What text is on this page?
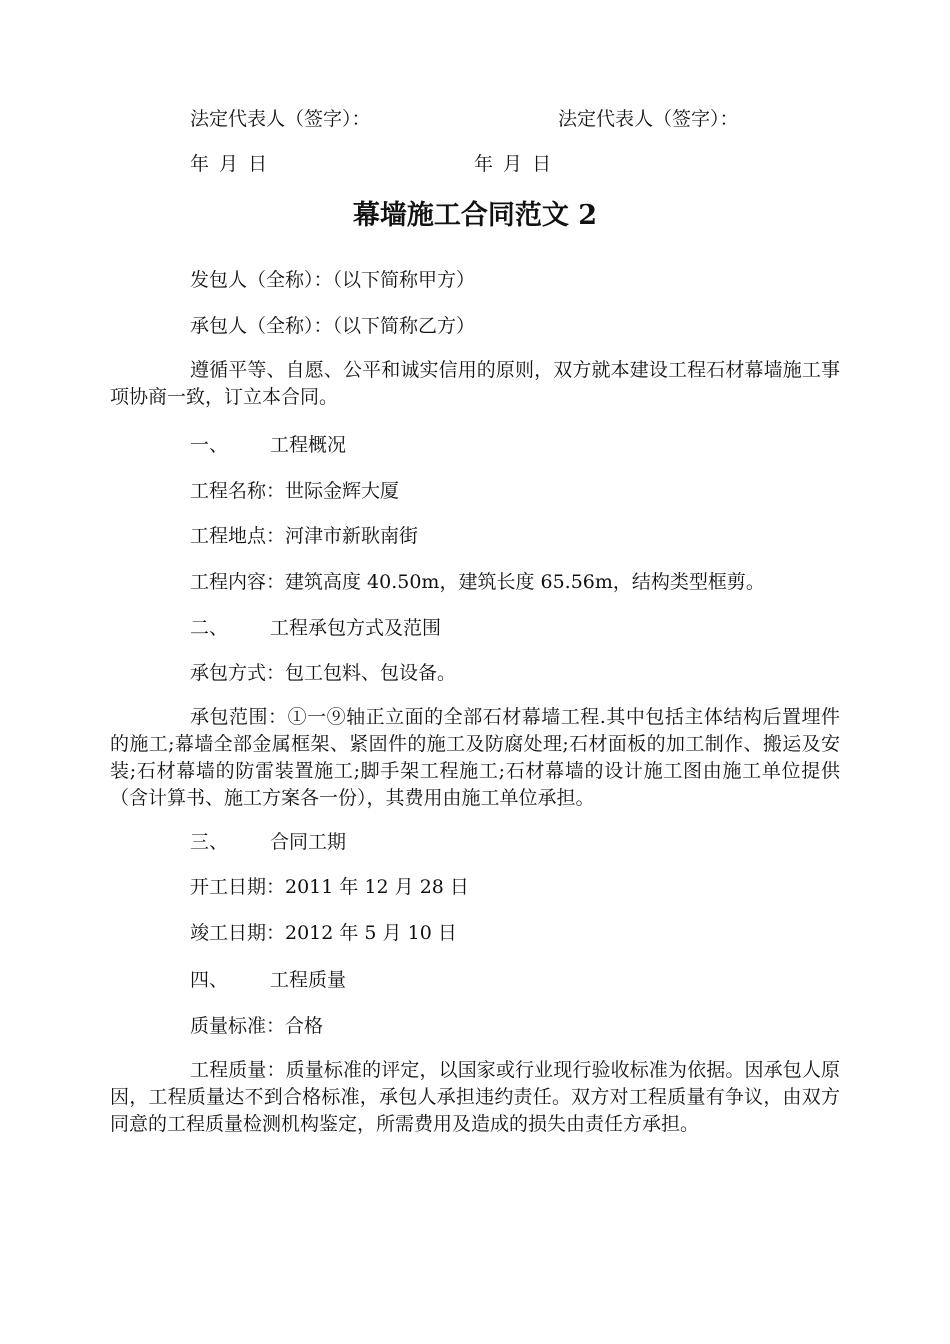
法定代表人（签字）：	法定代表人（签字）：
年 月 日	年 月 日
幕墙施工合同范文 2
发包人（全称）：（以下简称甲方）
承包人（全称）：（以下简称乙方）
遵循平等、自愿、公平和诚实信用的原则，双方就本建设工程石材幕墙施工事项协商一致，订立本合同。
一、 工程概况
工程名称：世际金辉大厦
工程地点：河津市新耿南街
工程内容：建筑高度 40.50m，建筑长度 65.56m，结构类型框剪。
二、 工程承包方式及范围
承包方式：包工包料、包设备。
承包范围：①一⑨轴正立面的全部石材幕墙工程.其中包括主体结构后置埋件的施工;幕墙全部金属框架、紧固件的施工及防腐处理;石材面板的加工制作、搬运及安装;石材幕墙的防雷装置施工;脚手架工程施工;石材幕墙的设计施工图由施工单位提供（含计算书、施工方案各一份），其费用由施工单位承担。
三、 合同工期
开工日期：2011 年 12 月 28 日
竣工日期：2012 年 5 月 10 日
四、 工程质量
质量标准：合格
工程质量：质量标准的评定，以国家或行业现行验收标准为依据。因承包人原因，工程质量达不到合格标准，承包人承担违约责任。双方对工程质量有争议，由双方同意的工程质量检测机构鉴定，所需费用及造成的损失由责任方承担。
